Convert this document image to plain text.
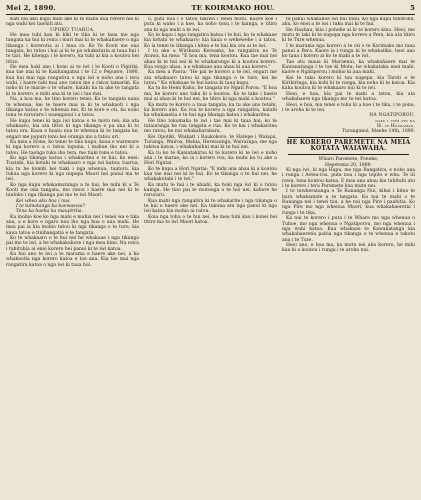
Mei 2, 1890.	TE KOIRMAKO HOU.	5

Kati nei aku kupu mihi ake ki te manu kua rerere nei ki nga wahi kei tawhiti atu.

UPOKO TUARUA.

He mea tuhi kau ki kiki te tika ki te taua me nga tangata ka hui ki reira i muri mai ki te whakahaere o nga tikanga i korerotia ai i mua ra. Ko Te Kooti me ona tangata, ko ratou i hui ai ki te pa whakaturia ai taua hui i te tari. He kitenga i te korero, ka tuhi ai kia a koutou hei titiro.

He mea hoki ano i hono ai te iwi i te Kooti o Pipiriki, kua tae mai ki te Kauhanganui i te 12 o Pepuere, 1890, kua hui mai nga rangatira o nga iwi e noho ana i tera wahi, i haere tahi mai ano ratou me a ratou tamariki. Ka noho ki te marae o te whare, katahi ka tu ake te tangata ki te korero, e mihi ana ki te iwi i tae mai.

Na, a hoa ma, he tino korero tenei. Ko te tangata nana te whenua, kei te haere mai ia ki te whakaoti i nga tikanga katoa o te whenua nei. Ki te kore e oti, ka noho tonu te raruraru i waenganui i a tatou.

He kupu tenei ki nga iwi katoa o te motu nei; kia ata whakaaro, kia ata titiro ki nga tikanga e pa ana ki to tatou ora. Kaua e hoatu noa te whenua ki te tangata ke, engari me pupuri tonu hei oranga mo a tatou uri.

Ka mea a Hone, ko tenei te tino kupu, kaua e wareware ki nga korero a o tatou tupuna, i mahue iho nei ki a tatou. He taonga tuku iho tera, me tiaki tonu e tatou.

Ko nga tikanga katoa i whakaritea e te hui, ko enei: Tuatahi, kia kotahi te whakaaro o nga iwi katoa; tuarua, kia tu he komiti hei tiaki i nga whenua; tuatoru, kia tukua nga korero ki nga nupepa Maori hei panui ma te iwi.

Ko nga kupu whakamutunga a te hui, he mihi ki a Te Kooti me ona tangata, mo ratou i haere mai nei ki te tautoko i nga tikanga pai mo te iwi Maori.

Kei whea aku hoa i nua
I te tumatanga ka kaewaewa?
Tena ka haeha ka maupiritia.

Ka mohio koe ko nga mahi e mahia nei i tenei wa e tika ana, a e kore e ngaro noa iho nga hua o aua mahi. He mea pai ia kia mohio tatou ki nga tikanga o te ture, kia kaua tatou e tinihangatia e te tangata.

Ko te whakaaro o te hui nei he whakaae i nga tikanga pai mo te iwi, a he whakakahore i nga mea kino. Na reira i tuhituhia ai enei korero hei panui ki te iwi katoa.

Ka hui ano te iwi a te marama e haere ake nei, a ka whakaotia nga korero katoa e toe ana. Kia tae mai nga rangatira katoa o nga iwi ki taua hui.

o, puta noa i o tatou takiwa i tenei motu. Kaore koe i puta ki waho i a koe, ka noho tonu i te kainga, e titiro ana ki nga mahi a te iwi.

Ko te kupu i nga rangatira katoa i te hui, ko te whakaae kia kotahi te whakaaro; kia kaua e wehewehe i a tatou. Ko ia tenei te tikanga i kitea e te hui kia ora ai te iwi.

I tu ake a Wirihana Kereama, he rangatira no Te Arawa, ka mea: "E hoa ma, tena koutou. Kua tae mai nei ahau ki te hui nei ki te whakarongo ki a koutou korero. Kua rongo ahau, a e whakaae ana ahau ki aua korero."

Ka mea a Paora: "He pai te korero a te iwi, engari me ata whakaaro tatou ki nga tikanga o te ture, kei he tatou." Ka whakaae te hui katoa ki taua kupu.

Ka tu ko Hemi Kahu, he tangata no Ngati Porou: "E hoa ma, he korero ano taku ki a koutou. Ko te take i haere mai ai ahau ki te hui nei, he titiro ki nga mahi a koutou."

Ka mutu te korero a taua tangata, ka tu ake ano tetahi, ka korero ano. Ka roa te korero a nga rangatira, katahi ka whakaaetia e te hui nga tikanga katoa i whakaritea.

He tino tokomaha te iwi i tae mai ki taua hui; ko te tatauranga he rau tangata e rua. Ko te kai i whakaritea mo ratou, he nui whakaharahara.

Kei Opotiki, Waikari i Raukokore, te Hatepe i Waiapu, Turanga, Wairoa, Mahia, Heretaunga, Wairarapa, me nga takiwa katoa, i whakahuihui mai ki te hui nei.

Ka tu ko te Kaniatakirau ki te korero ki te iwi e noho ana i te marae, ko ia i korero roa, ka mutu ka tu ake a Hori Ngatai.

Ko te kupu a Hori Ngatai: "E mihi ana ahau ki a koutou kua tae mai nei ki te hui. Ko te tikanga o te hui nei, he whakakotahi i te iwi."

Ka mutu te hui i te ahiahi, ka hoki nga iwi ki o ratou kainga. He tino pai te mutunga o te hui nei, kahore he raruraru.

Kua mahi nga rangatira ki te whakarite i nga tikanga o te hui e haere ake nei. Ka tukuna atu nga panui ki nga iwi katoa kia mohio ai ratou.

Koia nga tohu o te hui nei, he mea tuhi kau i konei hei titiro ma te iwi Maori katoa.

te panui whakahoe iwi nui tonu. Ko nga kupu tohutohu, aku, ko enei a te iwi i tuku mai ki te hui.

He Hauhau, kiia i pohehe ai ki te korero kino. Heoi, me mutu te taki ki te nupepa nga korero a Pera, kia ata titiro ki te Ture whenua.

I te marama nga korero a te oti o te Korimako mo tana panui a Pera. Kaore ia i runga ki te whakatika, heoi ano ko tana i korero ai ko te mahi a te iwi.

Tae atu maua ki Maraenui, ka whakahaere mai te Kawanatanga i te tae ki Motu; he whakataka enei mahi, kaore e Ngatiporou i mohio ki aua mahi.

Kei te tuku korero ki tau nupepa, kia Tareti e te Kirikiringa, kia kohi ki te runga, kia noho ki te katoa. Kia kaha koutou ki te whakaaro nui ki te iwi.

Heoi, e hoa, kia pai te mahi a tatou, kia ata whakahaere nga tikanga mo te iwi katoa.

Heoi, e hoa, ma tenei e tohu ki a koe i te tika, i te pono, i te aroha ki te iwi.

NA NGATIPOROU,
naku i tuhi atu na
H. te Houkamau.

Turanganui, Maehe 14th, 1890.

HE KORERO PAREMETE NA MEIA KOTATA WAIAWAHA.

Wharo Paremete, Poneke,
Hepetema 20, 1889.

Ki nga iwi, ki nga Hapu, me nga Rangatira, e noho ana i runga i Aotea-roa, puta noa i nga topito e wha. Te iti rawa, tena koutou katoa. E mea ana ahau kia tuhituhi atu i te korero i tera Paremete kua mutu nei.

I te tuwheratanga o Te Runanga Nui, kihai i kitea te hara whakamate a te tangata. Ka nui te mahi o te Runanga nei i tenei tau, a he nui nga Pire i paahitia. Ko nga Pire mo nga whenua Maori, kua whakahaeretia i runga i te tika.

Ka nui te korero i puta i te Whare mo nga whenua o Tuhoe, mo nga whenua o Ngatiporou, mo nga whenua i nga wahi katoa. Kua whakaae te Kawanatanga kia whakahaeretia paitia nga tikanga o te whenua e takoto ana i te Ture.

Heoi ano, e hoa ma, ka mutu nei aku korero, he mihi kau ki a koutou i runga i te aroha nui.
